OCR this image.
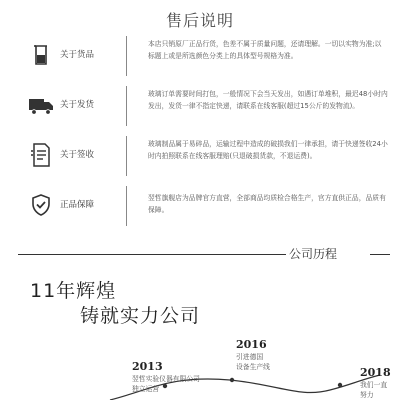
售后说明
关于货品
本店只销原厂正品行货，色差不属于质量问题，还请理解。一切以实物为准;以标题上或是所选颜色分类上的具体型号规格为准。
关于发货
玻璃订单需要时间打包，一般情况下会当天发出，如遇订单堆积，最迟48小时内发出，发货一律不指定快递，请联系在线客服(超过15公斤的发物流)。
关于签收
玻璃制品属于易碎品，运输过程中造成的破损我们一律承担，请于快递签收24小时内拍照联系在线客服理赔(只退破损货款，不退运费)。
正品保障
翌哲旗舰店为品牌官方直营，全部商品均质检合格生产，官方直供正品，品质有保障。
公司历程
11年辉煌
铸就实力公司
2013
翌哲实验仪器有限公司
独立运营
2016
引进德国
设备生产线	2018
我们一直
努力
